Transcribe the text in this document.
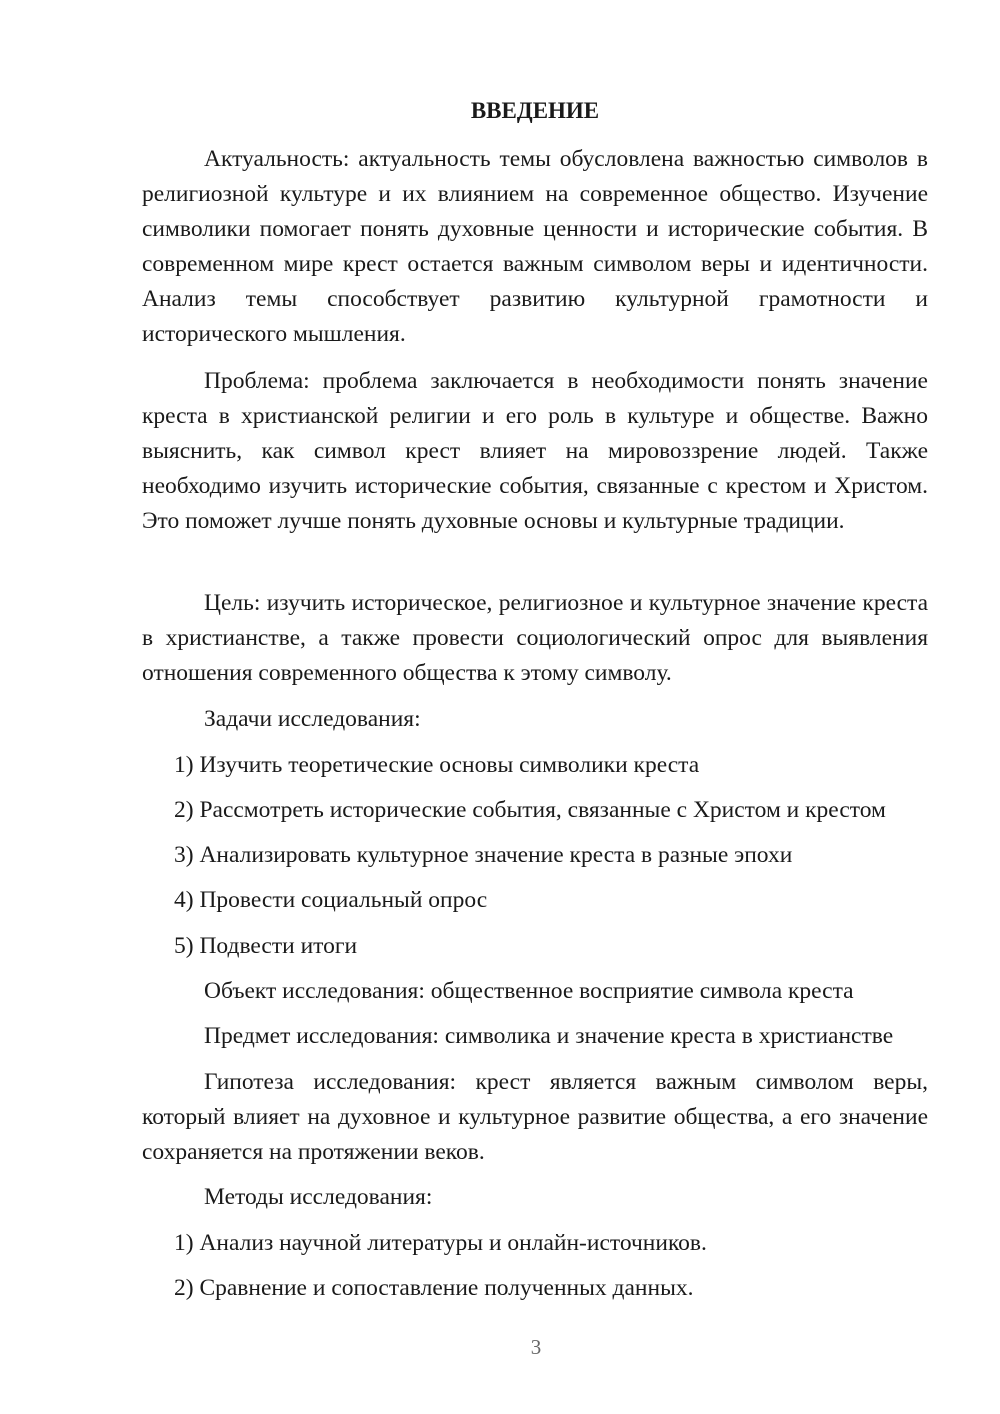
ВВЕДЕНИЕ
Актуальность: актуальность темы обусловлена важностью символов в религиозной культуре и их влиянием на современное общество. Изучение символики помогает понять духовные ценности и исторические события. В современном мире крест остается важным символом веры и идентичности. Анализ темы способствует развитию культурной грамотности и исторического мышления.
Проблема: проблема заключается в необходимости понять значение креста в христианской религии и его роль в культуре и обществе. Важно выяснить, как символ крест влияет на мировоззрение людей. Также необходимо изучить исторические события, связанные с крестом и Христом. Это поможет лучше понять духовные основы и культурные традиции.
Цель: изучить историческое, религиозное и культурное значение креста в христианстве, а также провести социологический опрос для выявления отношения современного общества к этому символу.
Задачи исследования:
1) Изучить теоретические основы символики креста
2) Рассмотреть исторические события, связанные с Христом и крестом
3) Анализировать культурное значение креста в разные эпохи
4) Провести социальный опрос
5) Подвести итоги
Объект исследования: общественное восприятие символа креста
Предмет исследования: символика и значение креста в христианстве
Гипотеза исследования: крест является важным символом веры, который влияет на духовное и культурное развитие общества, а его значение сохраняется на протяжении веков.
Методы исследования:
1) Анализ научной литературы и онлайн-источников.
2) Сравнение и сопоставление полученных данных.
3
